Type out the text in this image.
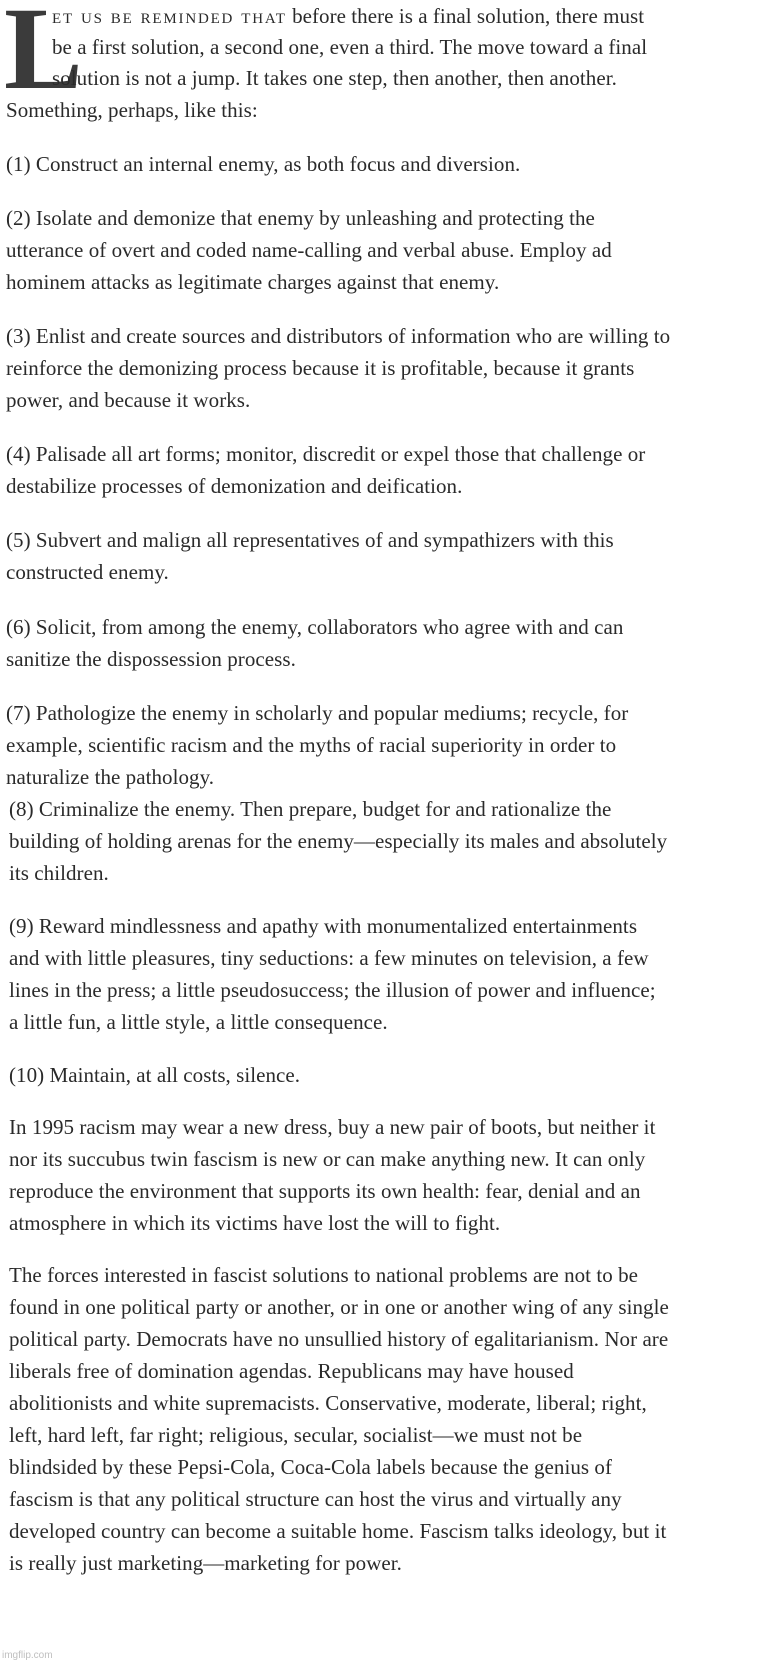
L

et us be reminded that before there is a final solution, there must

be a first solution, a second one, even a third. The move toward a final

solution is not a jump. It takes one step, then another, then another.

Something, perhaps, like this:

(1) Construct an internal enemy, as both focus and diversion.
(2) Isolate and demonize that enemy by unleashing and protecting the
utterance of overt and coded name-calling and verbal abuse. Employ ad
hominem attacks as legitimate charges against that enemy.
(3) Enlist and create sources and distributors of information who are willing to
reinforce the demonizing process because it is profitable, because it grants
power, and because it works.
(4) Palisade all art forms; monitor, discredit or expel those that challenge or
destabilize processes of demonization and deification.
(5) Subvert and malign all representatives of and sympathizers with this
constructed enemy.
(6) Solicit, from among the enemy, collaborators who agree with and can
sanitize the dispossession process.
(7) Pathologize the enemy in scholarly and popular mediums; recycle, for
example, scientific racism and the myths of racial superiority in order to
naturalize the pathology.
(8) Criminalize the enemy. Then prepare, budget for and rationalize the
building of holding arenas for the enemy—especially its males and absolutely
its children.
(9) Reward mindlessness and apathy with monumentalized entertainments
and with little pleasures, tiny seductions: a few minutes on television, a few
lines in the press; a little pseudosuccess; the illusion of power and influence;
a little fun, a little style, a little consequence.
(10) Maintain, at all costs, silence.
In 1995 racism may wear a new dress, buy a new pair of boots, but neither it
nor its succubus twin fascism is new or can make anything new. It can only
reproduce the environment that supports its own health: fear, denial and an
atmosphere in which its victims have lost the will to fight.
The forces interested in fascist solutions to national problems are not to be
found in one political party or another, or in one or another wing of any single
political party. Democrats have no unsullied history of egalitarianism. Nor are
liberals free of domination agendas. Republicans may have housed
abolitionists and white supremacists. Conservative, moderate, liberal; right,
left, hard left, far right; religious, secular, socialist—we must not be
blindsided by these Pepsi-Cola, Coca-Cola labels because the genius of
fascism is that any political structure can host the virus and virtually any
developed country can become a suitable home. Fascism talks ideology, but it
is really just marketing—marketing for power.
imgflip.com
